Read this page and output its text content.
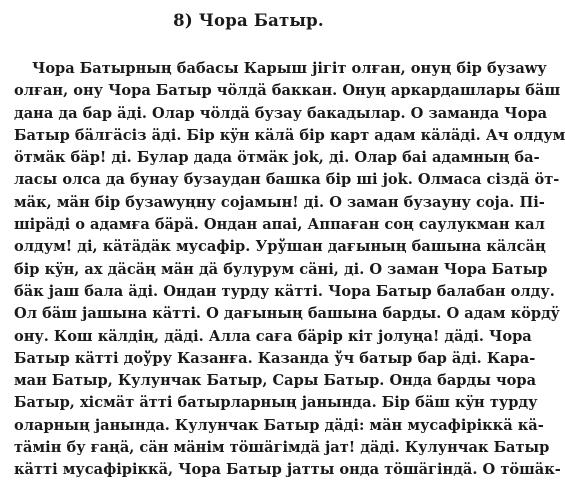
8) Чора Батыр.
Чора Батырның бабасы Карыш jiгiт олған, онуң бiр бузаwу
олған, ону Чора Батыр чöлдä баккан. Онуң аркардашлары бäш
дана да бар äдi. Олар чöлдä бузау бакадылар. О заманда Чора
Батыр бäлгäсiз äдi. Бiр кÿн кäлä бiр карт адам кäлäдi. Ач олдум
öтмäк бäр! дi. Булар дада öтмäк jok, дi. Олар баi адамның ба-
ласы олса да бунау бузаудан башка бiр ші jok. Олмаса сiздä öт-
мäк, мäн бiр бузаwуңну соjамын! дi. О заман бузауну соjа. Пi-
шiрäдi о адамға бäрä. Ондан апаi, Аппаған соң саулукман кал
олдум! дi, кäтäдäк мусафiр. Урўшан дағының башына кäлсäң
бiр кÿн, ах дäсäң мäн дä булурум сäнi, дi. О заман Чора Батыр
бäк jаш бала äдi. Ондан турду кäттi. Чора Батыр балабан олду.
Ол бäш jашына кäттi. О дағының башына барды. О адам кöрдÿ
ону. Кош кäлдiң, дäдi. Алла саға бäрiр кiт jолуңа! дäдi. Чора
Батыр кäттi доўру Казанға. Казанда ўч батыр бар äдi. Кара-
ман Батыр, Кулунчак Батыр, Сары Батыр. Онда барды чора
Батыр, хiсмäт äттi батырларның jанында. Бiр бäш кÿн турду
оларның jанында. Кулунчак Батыр дäдi: мäн мусафiрiккä кä-
тäмiн бу ғаңä, сäн мäнiм тöшäгiмдä jат! дäдi. Кулунчак Батыр
кäттi мусафiрiккä, Чора Батыр jатты онда тöшäгiндä. О тöшäк-
